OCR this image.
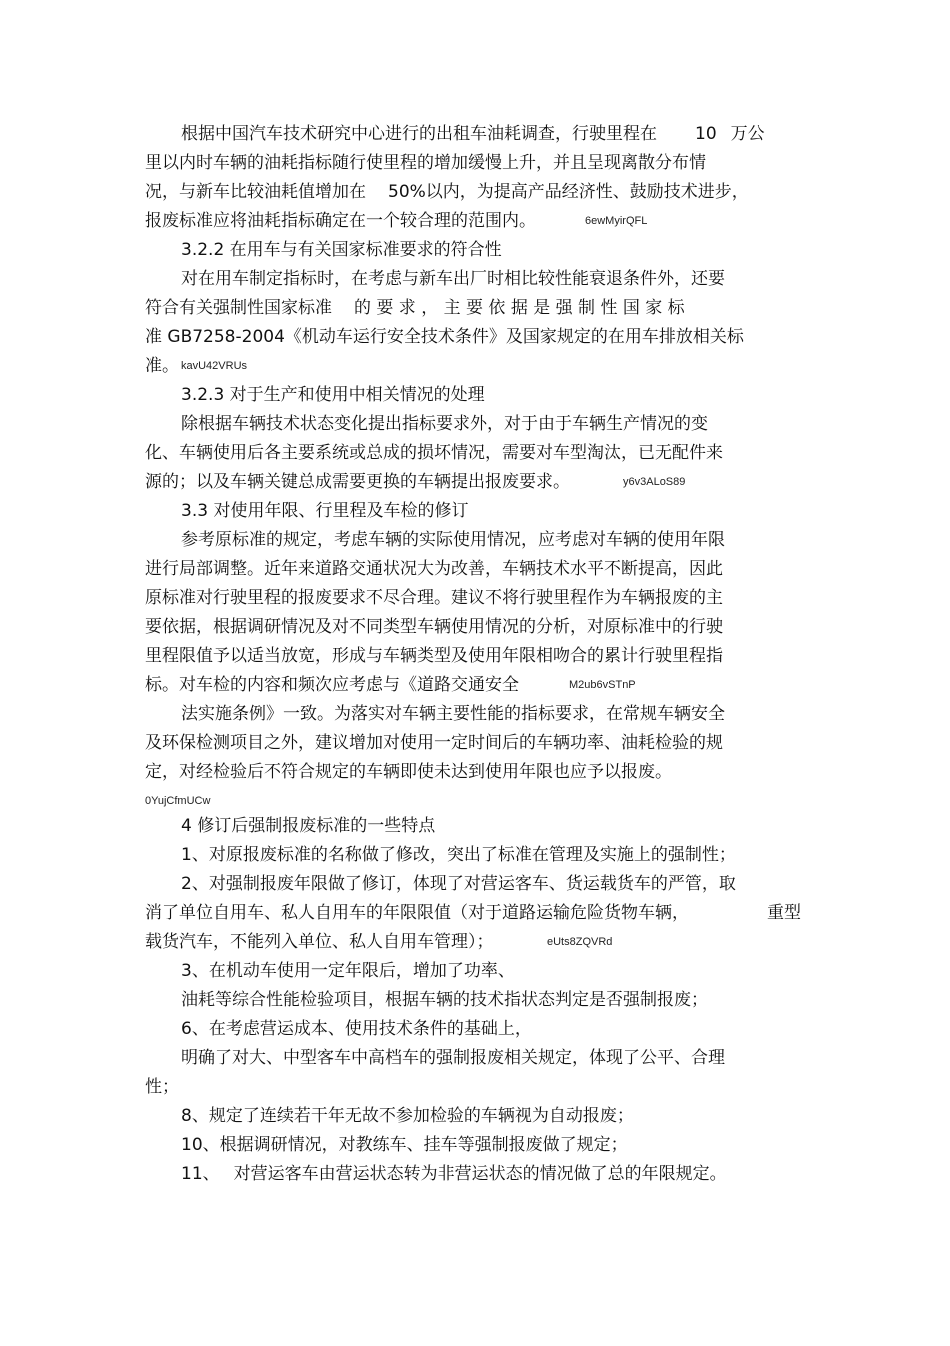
根据中国汽车技术研究中心进行的出租车油耗调查，行驶里程在 10 万公
里以内时车辆的油耗指标随行使里程的增加缓慢上升，并且呈现离散分布情
况，与新车比较油耗值增加在 50%以内，为提高产品经济性、鼓励技术进步，
报废标准应将油耗指标确定在一个较合理的范围内。	6ewMyirQFL
3.2.2 在用车与有关国家标准要求的符合性
对在用车制定指标时，在考虑与新车出厂时相比较性能衰退条件外，还要
符合有关强制性国家标准 的 要 求 ， 主 要 依 据 是 强 制 性 国 家 标
准 GB7258-2004《机动车运行安全技术条件》及国家规定的在用车排放相关标
准。 kavU42VRUs
3.2.3 对于生产和使用中相关情况的处理
除根据车辆技术状态变化提出指标要求外，对于由于车辆生产情况的变
化、车辆使用后各主要系统或总成的损坏情况，需要对车型淘汰，已无配件来
源的；以及车辆关键总成需要更换的车辆提出报废要求。	y6v3ALoS89
3.3 对使用年限、行里程及车检的修订
参考原标准的规定，考虑车辆的实际使用情况，应考虑对车辆的使用年限
进行局部调整。近年来道路交通状况大为改善，车辆技术水平不断提高，因此
原标准对行驶里程的报废要求不尽合理。建议不将行驶里程作为车辆报废的主
要依据，根据调研情况及对不同类型车辆使用情况的分析，对原标准中的行驶
里程限值予以适当放宽，形成与车辆类型及使用年限相吻合的累计行驶里程指
标。对车检的内容和频次应考虑与《道路交通安全	M2ub6vSTnP
法实施条例》一致。为落实对车辆主要性能的指标要求，在常规车辆安全
及环保检测项目之外，建议增加对使用一定时间后的车辆功率、油耗检验的规
定，对经检验后不符合规定的车辆即使未达到使用年限也应予以报废。
0YujCfmUCw
4 修订后强制报废标准的一些特点
1、对原报废标准的名称做了修改，突出了标准在管理及实施上的强制性；
2、对强制报废年限做了修订，体现了对营运客车、货运载货车的严管，取
消了单位自用车、私人自用车的年限限值（对于道路运输危险货物车辆，	重型
载货汽车，不能列入单位、私人自用车管理）；	eUts8ZQVRd
3、在机动车使用一定年限后，增加了功率、
油耗等综合性能检验项目，根据车辆的技术指状态判定是否强制报废；
6、在考虑营运成本、使用技术条件的基础上，
明确了对大、中型客车中高档车的强制报废相关规定，体现了公平、合理
性；
8、规定了连续若干年无故不参加检验的车辆视为自动报废；
10、根据调研情况，对教练车、挂车等强制报废做了规定；
11、 对营运客车由营运状态转为非营运状态的情况做了总的年限规定。
